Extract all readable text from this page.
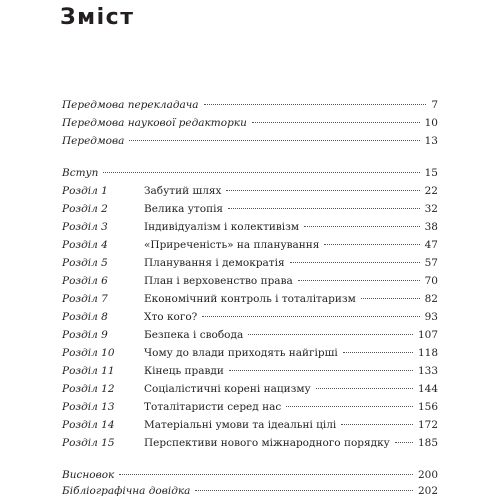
Зміст
Передмова перекладача	7
Передмова наукової редакторки	10
Передмова	13
Вступ	15
Розділ 1	Забутий шлях	22
Розділ 2	Велика утопія	32
Розділ 3	Індивідуалізм і колективізм	38
Розділ 4	«Приреченість» на планування	47
Розділ 5	Планування і демократія	57
Розділ 6	План і верховенство права	70
Розділ 7	Економічний контроль і тоталітаризм	82
Розділ 8	Хто кого?	93
Розділ 9	Безпека і свобода	107
Розділ 10	Чому до влади приходять найгірші	118
Розділ 11	Кінець правди	133
Розділ 12	Соціалістичні корені нацизму	144
Розділ 13	Тоталітаристи серед нас	156
Розділ 14	Матеріальні умови та ідеальні цілі	172
Розділ 15	Перспективи нового міжнародного порядку	185
Висновок	200
Бібліографічна довідка	202
